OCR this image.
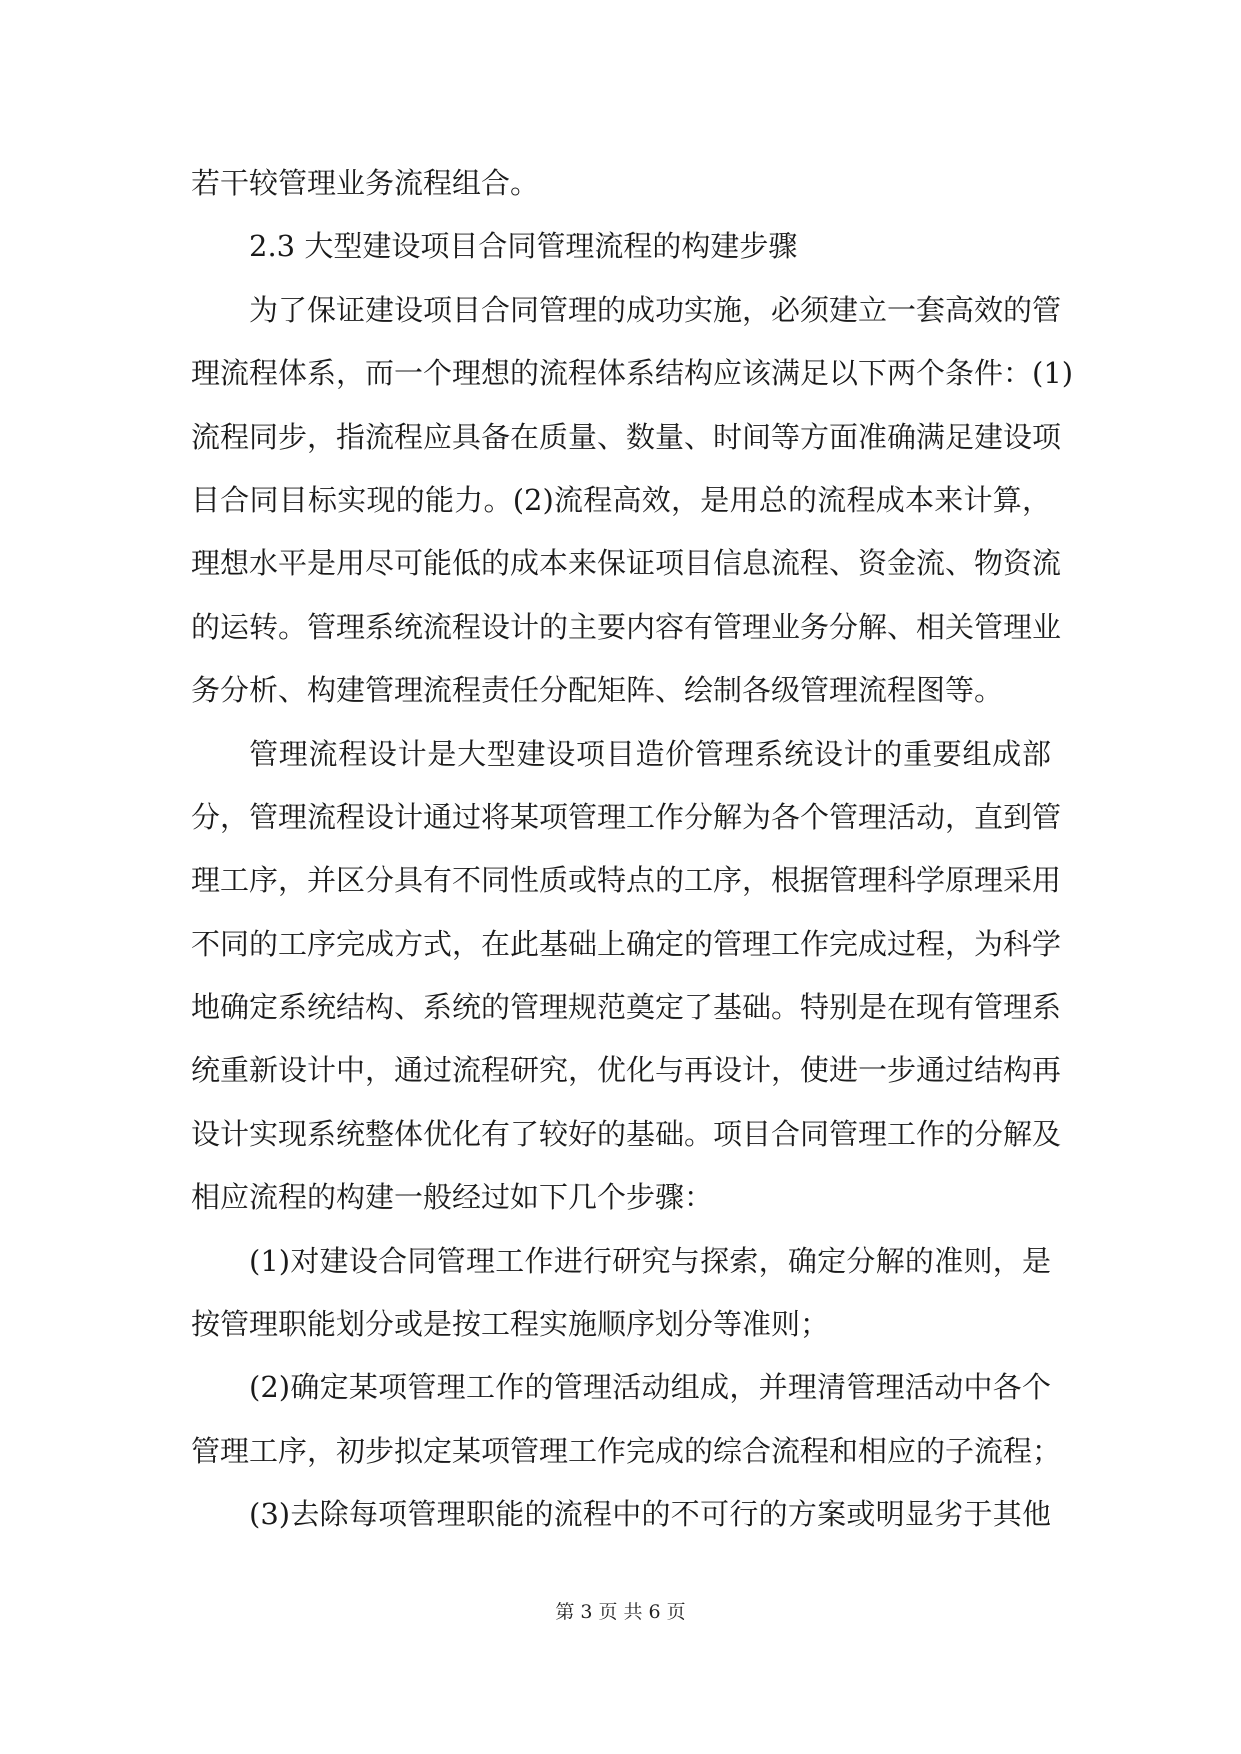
若干较管理业务流程组合。
2.3 大型建设项目合同管理流程的构建步骤
为了保证建设项目合同管理的成功实施，必须建立一套高效的管
理流程体系，而一个理想的流程体系结构应该满足以下两个条件：(1)
流程同步，指流程应具备在质量、数量、时间等方面准确满足建设项
目合同目标实现的能力。(2)流程高效，是用总的流程成本来计算，
理想水平是用尽可能低的成本来保证项目信息流程、资金流、物资流
的运转。管理系统流程设计的主要内容有管理业务分解、相关管理业
务分析、构建管理流程责任分配矩阵、绘制各级管理流程图等。
管理流程设计是大型建设项目造价管理系统设计的重要组成部
分，管理流程设计通过将某项管理工作分解为各个管理活动，直到管
理工序，并区分具有不同性质或特点的工序，根据管理科学原理采用
不同的工序完成方式，在此基础上确定的管理工作完成过程，为科学
地确定系统结构、系统的管理规范奠定了基础。特别是在现有管理系
统重新设计中，通过流程研究，优化与再设计，使进一步通过结构再
设计实现系统整体优化有了较好的基础。项目合同管理工作的分解及
相应流程的构建一般经过如下几个步骤：
(1)对建设合同管理工作进行研究与探索，确定分解的准则，是
按管理职能划分或是按工程实施顺序划分等准则；
(2)确定某项管理工作的管理活动组成，并理清管理活动中各个
管理工序，初步拟定某项管理工作完成的综合流程和相应的子流程；
(3)去除每项管理职能的流程中的不可行的方案或明显劣于其他
第 3 页 共 6 页
